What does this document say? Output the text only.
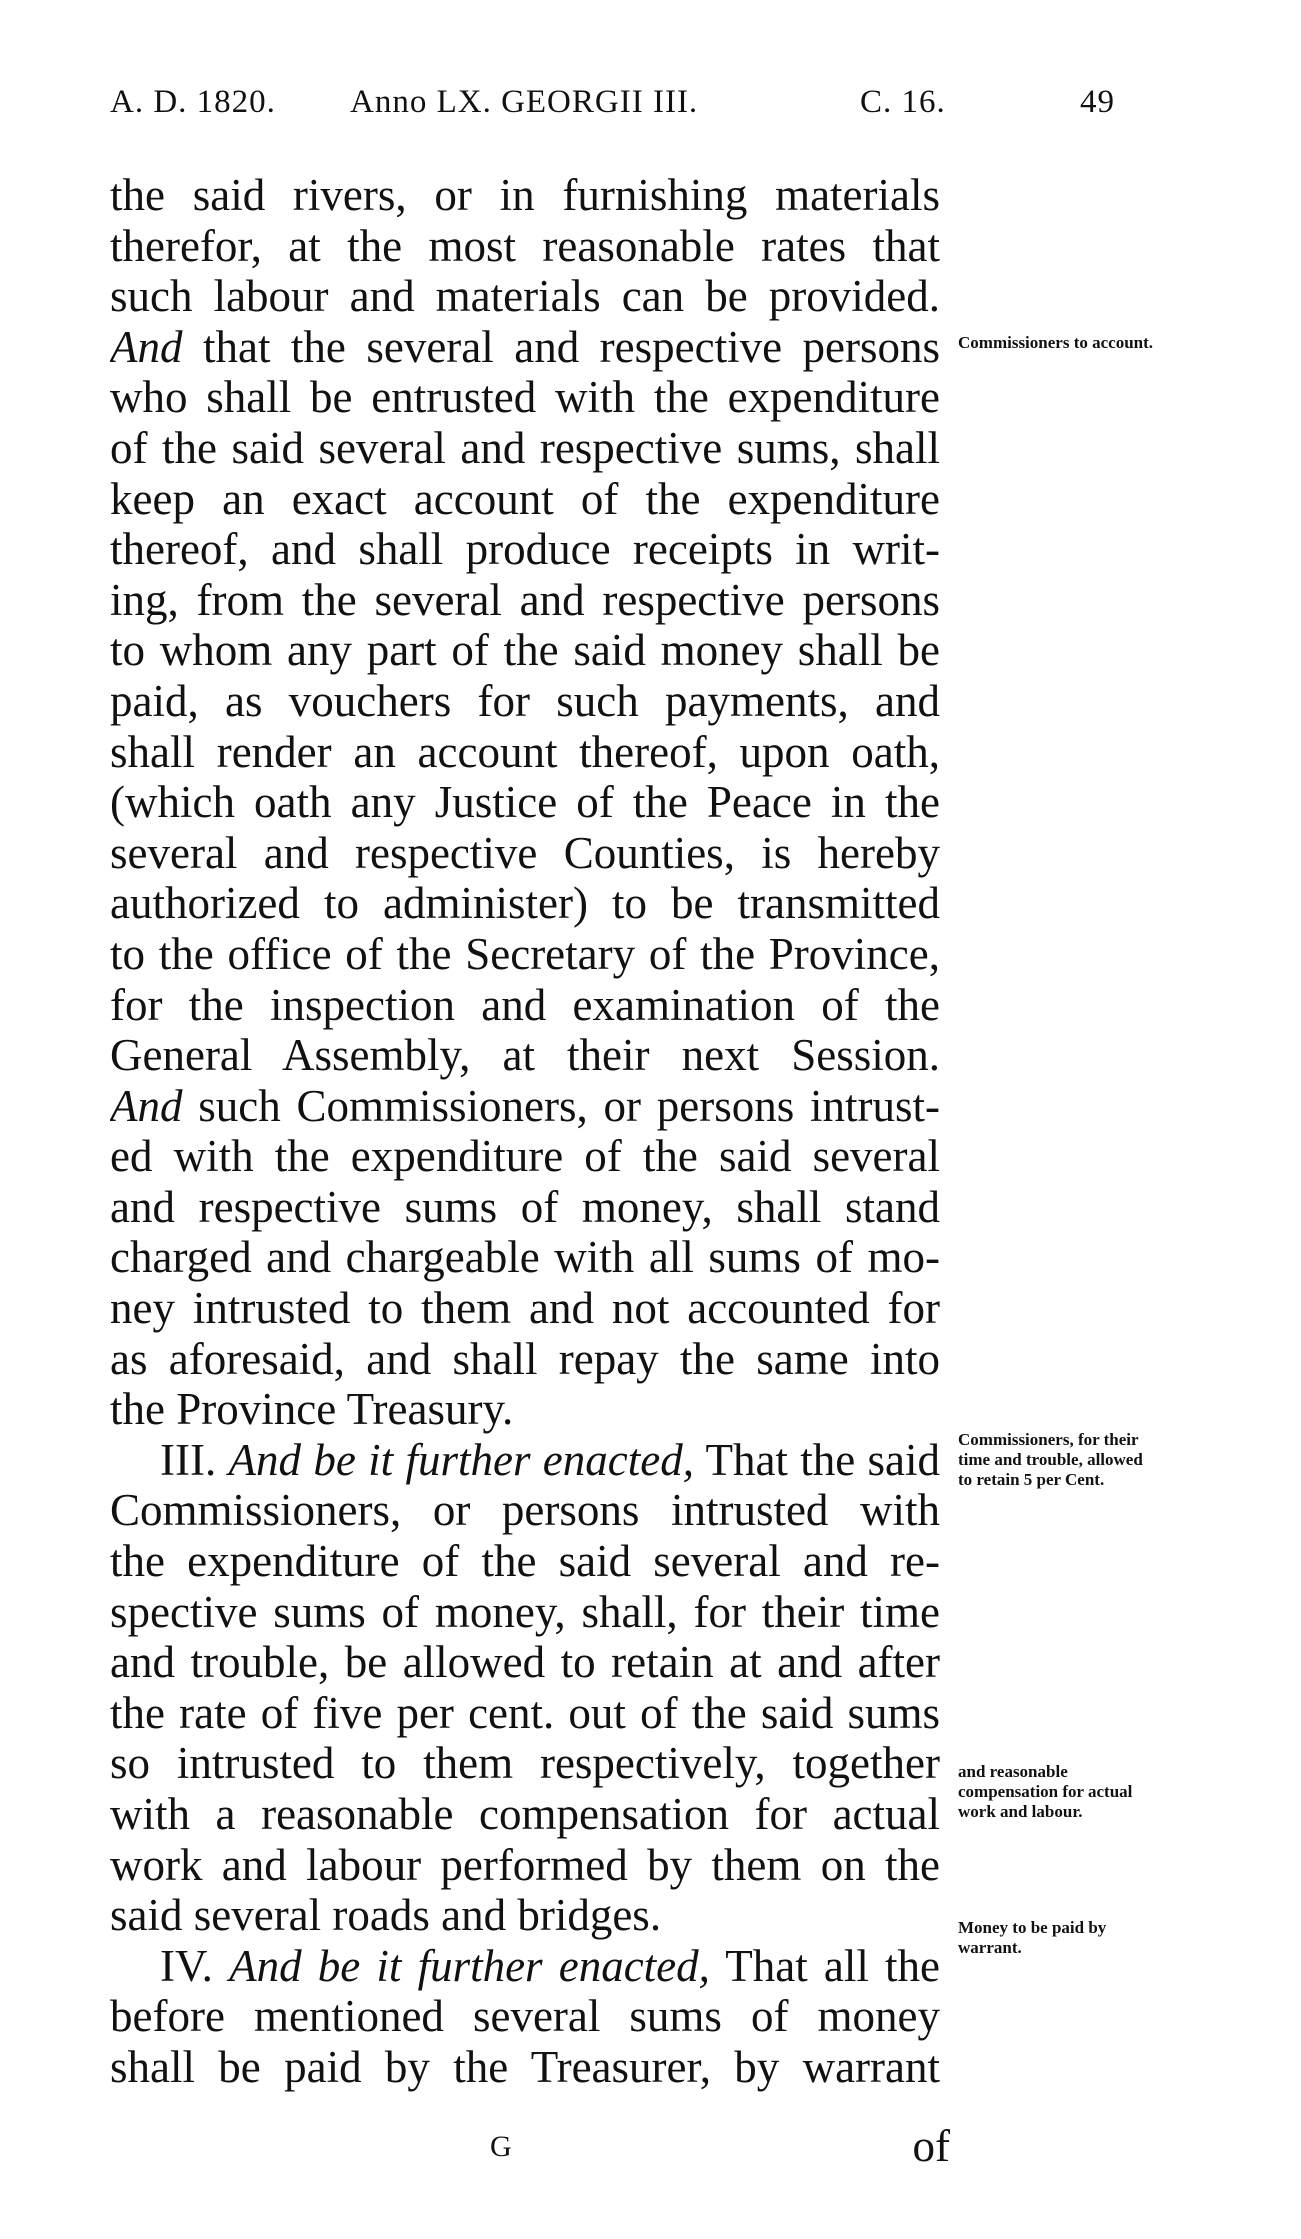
A. D. 1820. Anno LX. GEORGII III.	C. 16.	49
the said rivers, or in furnishing materials
therefor, at the most reasonable rates that
such labour and materials can be provided.
And that the several and respective persons
who shall be entrusted with the expenditure
of the said several and respective sums, shall
keep an exact account of the expenditure
thereof, and shall produce receipts in writ-
ing, from the several and respective persons
to whom any part of the said money shall be
paid, as vouchers for such payments, and
shall render an account thereof, upon oath,
(which oath any Justice of the Peace in the
several and respective Counties, is hereby
authorized to administer) to be transmitted
to the office of the Secretary of the Province,
for the inspection and examination of the
General Assembly, at their next Session.
And such Commissioners, or persons intrust-
ed with the expenditure of the said several
and respective sums of money, shall stand
charged and chargeable with all sums of mo-
ney intrusted to them and not accounted for
as aforesaid, and shall repay the same into
the Province Treasury.
III. And be it further enacted, That the said
Commissioners, or persons intrusted with
the expenditure of the said several and re-
spective sums of money, shall, for their time
and trouble, be allowed to retain at and after
the rate of five per cent. out of the said sums
so intrusted to them respectively, together
with a reasonable compensation for actual
work and labour performed by them on the
said several roads and bridges.
IV. And be it further enacted, That all the
before mentioned several sums of money
shall be paid by the Treasurer, by warrant
Commissioners to account.
Commissioners, for their time and trouble, allowed to retain 5 per Cent.
and reasonable compensation for actual work and labour.
Money to be paid by warrant.
G	of
